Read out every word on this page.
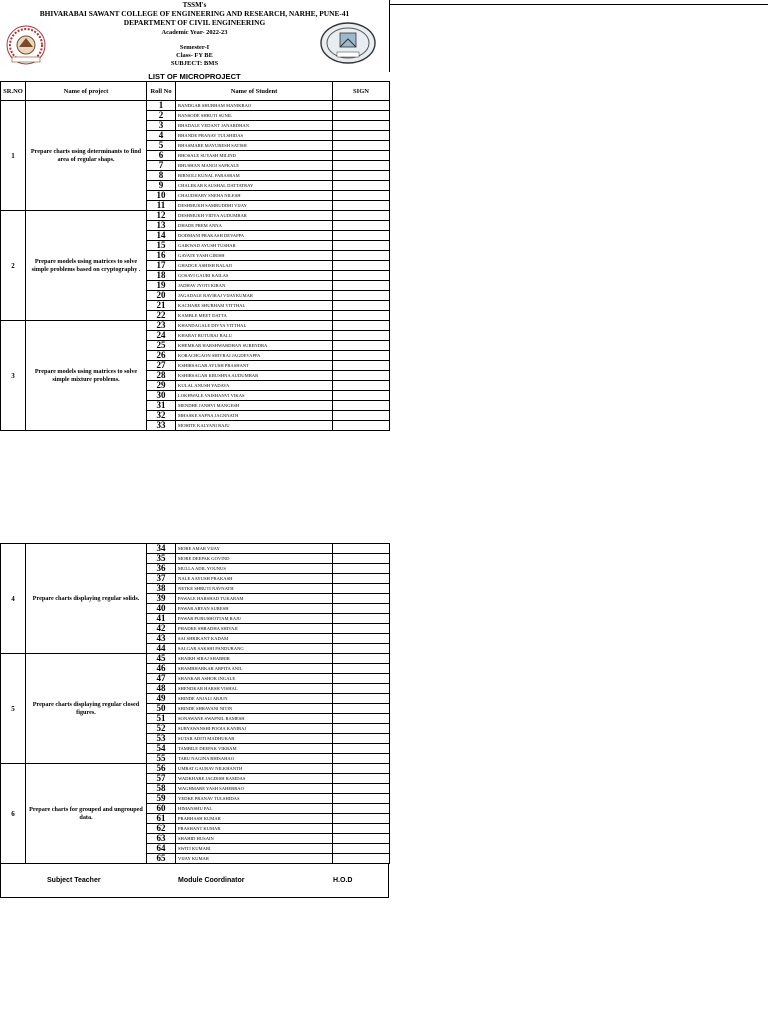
TSSM's
BHIVARABAI SAWANT COLLEGE OF ENGINEERING AND RESEARCH, NARHE, PUNE-41
DEPARTMENT OF CIVIL ENGINEERING
Academic Year- 2022-23
Semester-I
Class- FY BE
SUBJECT: BMS
LIST OF MICROPROJECT
SR.NO	Name of project	Roll No	Name of Student	SIGN
1	Prepare charts using determinants to find area of regular shaps.	1	BANDGAR SHUBHAM MANIKRAO	
		2	BANSODE SHRUTI SUNIL	
		3	BHADALE VEDANT JANARDHAN	
		4	BHANDE PRANAV TULSHIDAS	
		5	BHASMARE MAYURESH SATISH	
		6	BHOSALE SUYASH MILIND	
		7	BHUSHAN MANOJ SAPKALE	
		8	BIRNOLI KUNAL PARASRAM	
		9	CHALEKAR KAUSHAL DATTATRAY	
		10	CHAUDHARY SNEHA NILESH	
		11	DESHMUKH SAMRUDDHI VIJAY	
2	Prepare models using matrices to solve simple problems based on cryptography .	12	DESHMUKH VIDYA AUDUMBAR	
		13	DHADE PREM ANNA	
		14	DODMANI PRAKASH DEVAPPA	
		15	GAIKWAD AYUSH TUSHAR	
		16	GAVATE YASH GIRISH	
		17	GHADGE ASHISH BALAJI	
		18	GOSAVI GAURI KAILAS	
		19	JADHAV JYOTI KIRAN	
		20	JAGADALE RAVIRAJ VIJAYKUMAR	
		21	KACHARE SHUBHAM VITTHAL	
		22	KAMBLE MEET DATTA	
3	Prepare models using matrices to solve simple mixture problems.	23	KHANDAGALE DIVYA VITTHAL	
		24	KHARAT RUTURAJ BALU	
		25	KHEMKAR HARSHWARDHAN SURENDRA	
		26	KORACHGAON SHIVRAJ JAGDEVAPPA	
		27	KSHIRSAGAR AYUSH PRASHANT	
		28	KSHIRSAGAR KRUSHNA AUDUMBAR	
		29	KULAL ANUSH YADAVA	
		30	LOKHWALE VAISHANVI VIKAS	
		31	MENDHE JANHVI MANGESH	
		32	MHASKE SAPNA JAGNNATH	
		33	MOHITE KALYANI RAJU	
4	Prepare charts displaying regular solids.	34	MORE AMAR VIJAY	
		35	MORE DEEPAK GOVIND	
		36	MULLA ADIL YOUNUS	
		37	NALE AAYUSH PRAKASH	
		38	NETKE SHRUTI NAVNATH	
		39	PAWALE HARSHAD TUKARAM	
		40	PAWAR ARYAN SURESH	
		41	PAWAR PURUSHOTTAM RAJU	
		42	PHADKE SHRADHA SHIVAJI	
		43	SAI SHRIKANT KADAM	
		44	SALGAR SAKSHI PANDURANG	
5	Prepare charts displaying regular closed figures.	45	SHAIKH SIRAJ SHABBIR	
		46	SHAMBHARKAR ARPITA ANIL	
		47	SHANKAR ASHOK INGALE	
		48	SHENDKAR HARSH VISHAL	
		49	SHINDE ANJALI ARJUN	
		50	SHINDE SHRAVANI NITIN	
		51	SONAWANE SWAPNIL RAMESH	
		52	SURYAWANSHI POOJA KANIRAJ	
		53	SUTAR ADITI MADHUKAR	
		54	TAMBILE DEEPAK VIKRAM	
		55	TARU NAGINA BHISAHAO	
6	Prepare charts for grouped and ungrouped data.	56	UMRAT GAURAV NILKHANTH	
		57	WADKHARE JAGDISH RAMDAS	
		58	WAGHMARE YASH SAHEBRAO	
		59	YEDKE PRANAV TULSHIDAS	
		60	HIMANSHU PAL	
		61	PRABHASH KUMAR	
		62	PRASHANT KUMAR	
		63	SHAHID HUSAIN	
		64	SWITI KUMARI	
		65	VIJAY KUMAR	
Subject Teacher	Module Coordinator	H.O.D
